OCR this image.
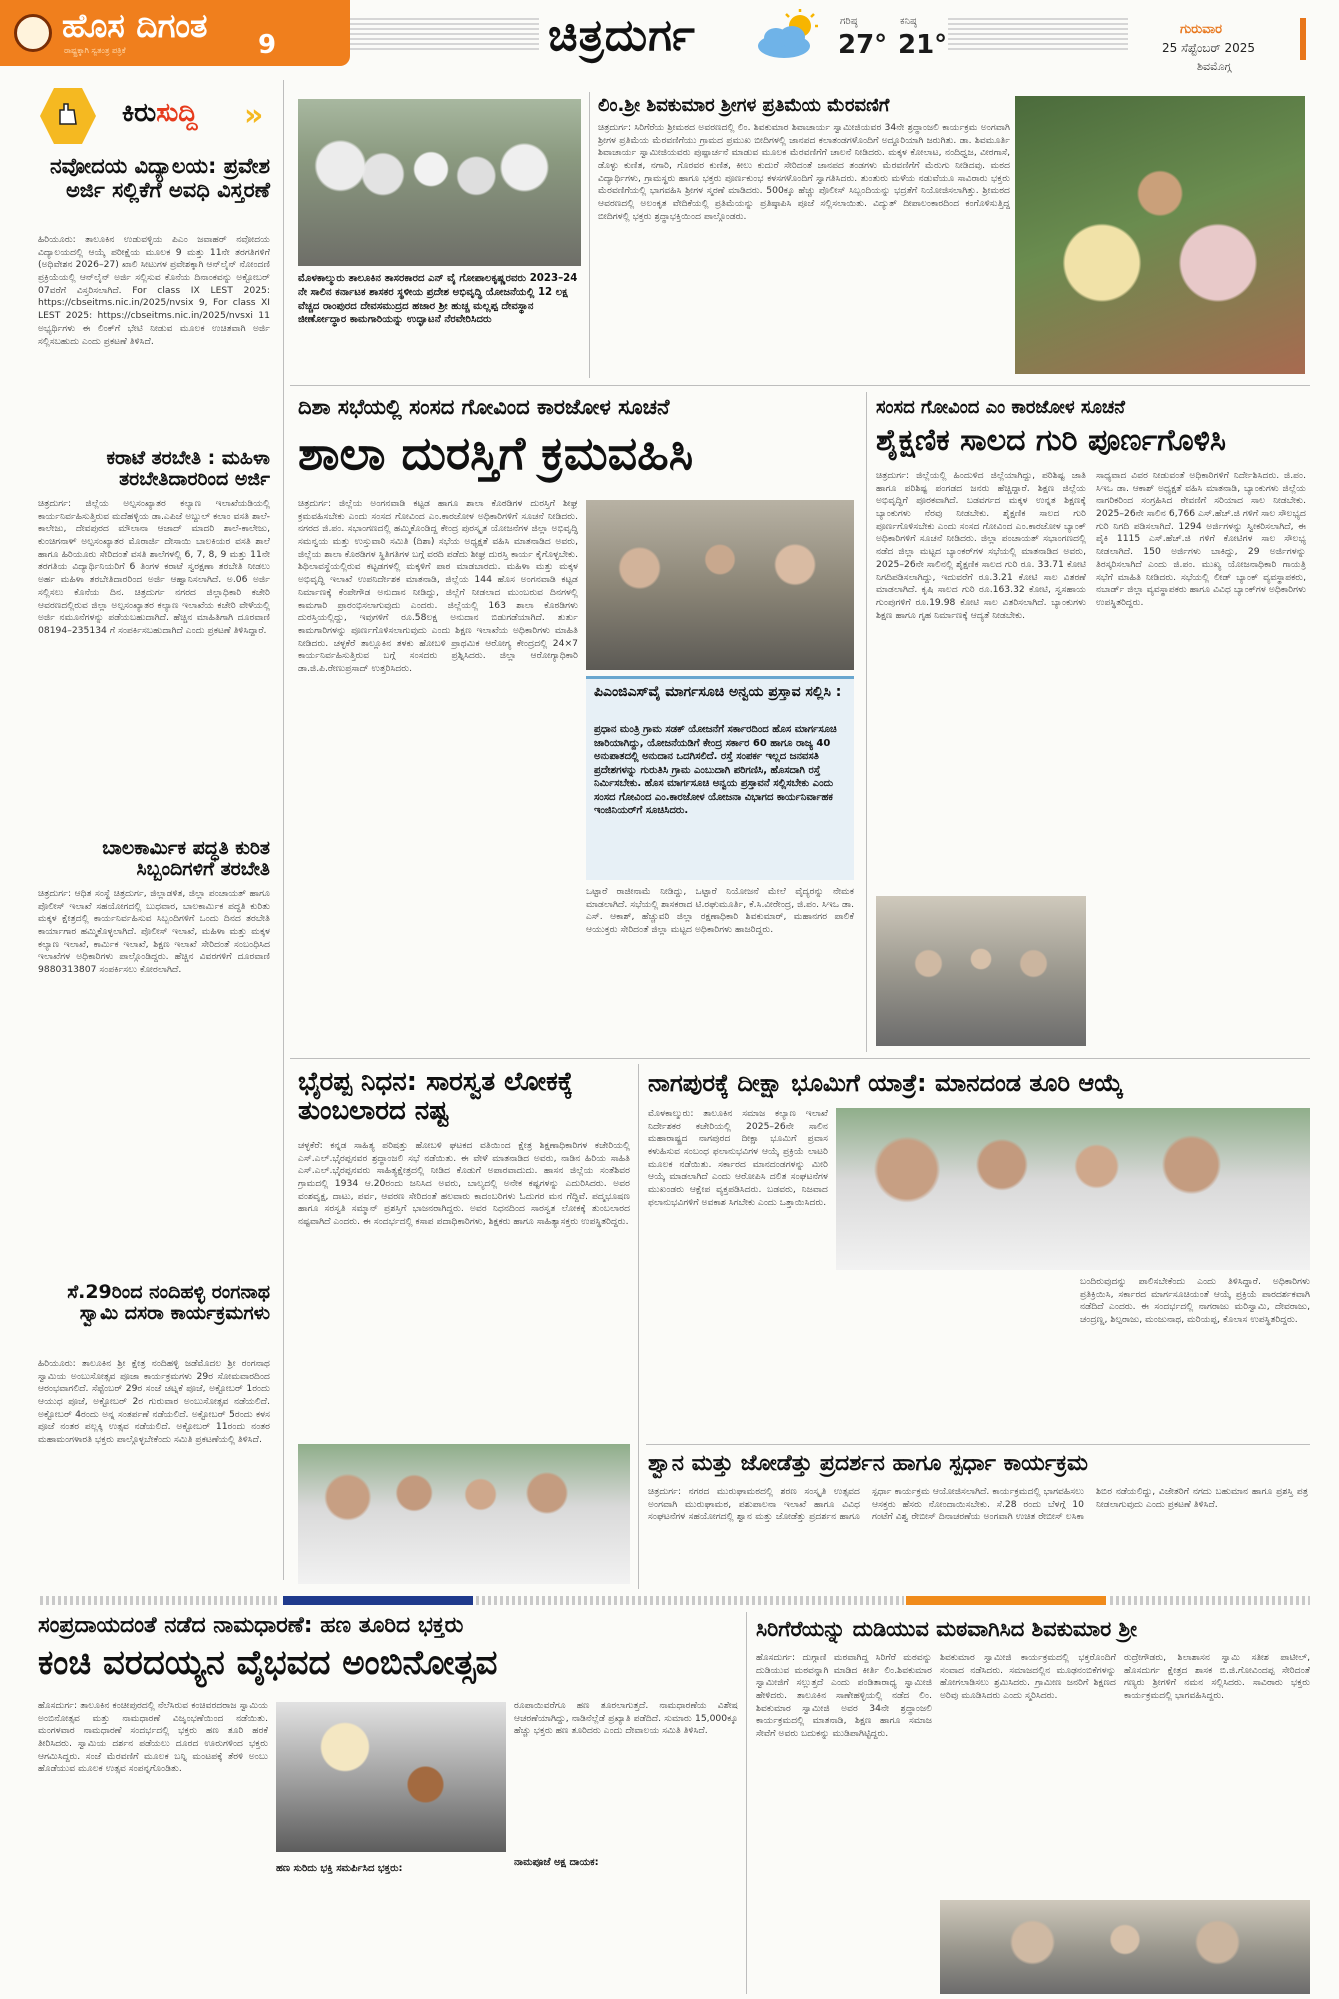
ಹೊಸ ದಿಗಂತ
ರಾಷ್ಟ್ರಕ್ಕಾಗಿ ಸ್ವತಂತ್ರ ಪತ್ರಿಕೆ	9	ಚಿತ್ರದುರ್ಗ	ಗರಿಷ್ಠ
27°
ಕನಿಷ್ಠ
21°
ಗುರುವಾರ
25 ಸೆಪ್ಟೆಂಬರ್ 2025
ಶಿವಮೊಗ್ಗ
ಕಿರುಸುದ್ದಿ »
ನವೋದಯ ವಿದ್ಯಾಲಯ: ಪ್ರವೇಶ ಅರ್ಜಿ ಸಲ್ಲಿಕೆಗೆ ಅವಧಿ ವಿಸ್ತರಣೆ
ಹಿರಿಯೂರು: ತಾಲೂಕಿನ ಉಡುವಳ್ಳಿಯ ಪಿಎಂ ಜವಾಹರ್ ನವೋದಯ ವಿದ್ಯಾಲಯದಲ್ಲಿ ಆಯ್ಕೆ ಪರೀಕ್ಷೆಯ ಮೂಲಕ 9 ಮತ್ತು 11ನೇ ತರಗತಿಗಳಿಗೆ (ಅಧಿವೇಶನ 2026–27) ಖಾಲಿ ಸೀಟುಗಳ ಪ್ರವೇಶಕ್ಕಾಗಿ ಆನ್‌ಲೈನ್ ನೋಂದಣಿ ಪ್ರಕ್ರಿಯೆಯಲ್ಲಿ ಆನ್‌ಲೈನ್ ಅರ್ಜಿ ಸಲ್ಲಿಸುವ ಕೊನೆಯ ದಿನಾಂಕವನ್ನು ಅಕ್ಟೋಬರ್ 07ವರೆಗೆ ವಿಸ್ತರಿಸಲಾಗಿದೆ. For class IX LEST 2025: https://cbseitms.nic.in/2025/nvsix 9, For class XI LEST 2025: https://cbseitms.nic.in/2025/nvsxi 11 ಅಭ್ಯರ್ಥಿಗಳು ಈ ಲಿಂಕ್‌ಗೆ ಭೇಟಿ ನೀಡುವ ಮೂಲಕ ಉಚಿತವಾಗಿ ಅರ್ಜಿ ಸಲ್ಲಿಸಬಹುದು ಎಂದು ಪ್ರಕಟಣೆ ತಿಳಿಸಿದೆ.
ಕರಾಟೆ ತರಬೇತಿ : ಮಹಿಳಾ ತರಬೇತಿದಾರರಿಂದ ಅರ್ಜಿ
ಚಿತ್ರದುರ್ಗ: ಜಿಲ್ಲೆಯ ಅಲ್ಪಸಂಖ್ಯಾತರ ಕಲ್ಯಾಣ ಇಲಾಖೆಯಡಿಯಲ್ಲಿ ಕಾರ್ಯನಿರ್ವಹಿಸುತ್ತಿರುವ ಮದೆಹಳ್ಳಿಯ ಡಾ.ಎಪಿಜೆ ಅಬ್ದುಲ್ ಕಲಾಂ ವಸತಿ ಶಾಲೆ-ಕಾಲೇಜು, ದೇವಪುರದ ಮೌಲಾನಾ ಆಜಾದ್ ಮಾದರಿ ಶಾಲೆ-ಕಾಲೇಜು, ಕುಂಚಿಗನಾಳ್ ಅಲ್ಪಸಂಖ್ಯಾತರ ಮೊರಾರ್ಜಿ ದೇಸಾಯಿ ಬಾಲಕಿಯರ ವಸತಿ ಶಾಲೆ ಹಾಗೂ ಹಿರಿಯೂರು ಸೇರಿದಂತೆ ವಸತಿ ಶಾಲೆಗಳಲ್ಲಿ 6, 7, 8, 9 ಮತ್ತು 11ನೇ ತರಗತಿಯ ವಿದ್ಯಾರ್ಥಿನಿಯರಿಗೆ 6 ತಿಂಗಳ ಕರಾಟೆ ಸ್ವರಕ್ಷಣಾ ತರಬೇತಿ ನೀಡಲು ಅರ್ಹ ಮಹಿಳಾ ತರಬೇತಿದಾರರಿಂದ ಅರ್ಜಿ ಆಹ್ವಾನಿಸಲಾಗಿದೆ. ಅ.06 ಅರ್ಜಿ ಸಲ್ಲಿಸಲು ಕೊನೆಯ ದಿನ. ಚಿತ್ರದುರ್ಗ ನಗರದ ಜಿಲ್ಲಾಧಿಕಾರಿ ಕಚೇರಿ ಆವರಣದಲ್ಲಿರುವ ಜಿಲ್ಲಾ ಅಲ್ಪಸಂಖ್ಯಾತರ ಕಲ್ಯಾಣ ಇಲಾಖೆಯ ಕಚೇರಿ ವೇಳೆಯಲ್ಲಿ ಅರ್ಜಿ ನಮೂನೆಗಳನ್ನು ಪಡೆಯಬಹುದಾಗಿದೆ. ಹೆಚ್ಚಿನ ಮಾಹಿತಿಗಾಗಿ ದೂರವಾಣಿ 08194–235134 ಗೆ ಸಂಪರ್ಕಿಸಬಹುದಾಗಿದೆ ಎಂದು ಪ್ರಕಟಣೆ ತಿಳಿಸಿದ್ದಾರೆ.
ಬಾಲಕಾರ್ಮಿಕ ಪದ್ಧತಿ ಕುರಿತ ಸಿಬ್ಬಂದಿಗಳಿಗೆ ತರಬೇತಿ
ಚಿತ್ರದುರ್ಗ: ಆಧಿತ ಸಂಸ್ಥೆ ಚಿತ್ರದುರ್ಗ, ಜಿಲ್ಲಾಡಳಿತ, ಜಿಲ್ಲಾ ಪಂಚಾಯತ್ ಹಾಗೂ ಪೊಲೀಸ್ ಇಲಾಖೆ ಸಹಯೋಗದಲ್ಲಿ ಬುಧವಾರ, ಬಾಲಕಾರ್ಮಿಕ ಪದ್ಧತಿ ಕುರಿತು ಮಕ್ಕಳ ಕ್ಷೇತ್ರದಲ್ಲಿ ಕಾರ್ಯನಿರ್ವಹಿಸುವ ಸಿಬ್ಬಂದಿಗಳಿಗೆ ಒಂದು ದಿನದ ತರಬೇತಿ ಕಾರ್ಯಾಗಾರ ಹಮ್ಮಿಕೊಳ್ಳಲಾಗಿದೆ. ಪೊಲೀಸ್ ಇಲಾಖೆ, ಮಹಿಳಾ ಮತ್ತು ಮಕ್ಕಳ ಕಲ್ಯಾಣ ಇಲಾಖೆ, ಕಾರ್ಮಿಕ ಇಲಾಖೆ, ಶಿಕ್ಷಣ ಇಲಾಖೆ ಸೇರಿದಂತೆ ಸಂಬಂಧಿಸಿದ ಇಲಾಖೆಗಳ ಅಧಿಕಾರಿಗಳು ಪಾಲ್ಗೊಂಡಿದ್ದರು. ಹೆಚ್ಚಿನ ವಿವರಗಳಿಗೆ ದೂರವಾಣಿ 9880313807 ಸಂಪರ್ಕಿಸಲು ಕೋರಲಾಗಿದೆ.
ಸೆ.29ರಿಂದ ನಂದಿಹಳ್ಳಿ ರಂಗನಾಥ ಸ್ವಾಮಿ ದಸರಾ ಕಾರ್ಯಕ್ರಮಗಳು
ಹಿರಿಯೂರು: ತಾಲೂಕಿನ ಶ್ರೀ ಕ್ಷೇತ್ರ ನಂದಿಹಳ್ಳಿ ಜಡೆಮೊದಲ ಶ್ರೀ ರಂಗನಾಥ ಸ್ವಾಮಿಯ ಅಂಬುಸೋತ್ಸವ ಪೂಜಾ ಕಾರ್ಯಕ್ರಮಗಳು 29ರ ಸೋಮವಾರದಿಂದ ಆರಂಭವಾಗಲಿದೆ. ಸೆಪ್ಟೆಂಬರ್ 29ರ ಸಂಜೆ ಚಟ್ನಕೆ ಪೂಜೆ, ಅಕ್ಟೋಬರ್ 1ರಂದು ಆಯುಧ ಪೂಜೆ, ಅಕ್ಟೋಬರ್ 2ರ ಗುರುವಾರ ಅಂಬುಸೋತ್ಸವ ನಡೆಯಲಿದೆ. ಅಕ್ಟೋಬರ್ 4ರಂದು ಅನ್ನ ಸಂತರ್ಪಣೆ ನಡೆಯಲಿದೆ. ಅಕ್ಟೋಬರ್ 5ರಂದು ಕಳಸ ಪೂಜೆ ನಂತರ ಪಲ್ಲಕ್ಕಿ ಉತ್ಸವ ನಡೆಯಲಿದೆ. ಅಕ್ಟೋಬರ್ 11ರಂದು ನಂತರ ಮಹಾಮಂಗಳಾರತಿ ಭಕ್ತರು ಪಾಲ್ಗೊಳ್ಳಬೇಕೆಂದು ಸಮಿತಿ ಪ್ರಕಟಣೆಯಲ್ಲಿ ತಿಳಿಸಿದೆ.
ಮೊಳಕಾಲ್ಮುರು ತಾಲೂಕಿನ ತಾಸರಕಾರದ ಎನ್ ವೈ ಗೋಪಾಲಕೃಷ್ಣರವರು 2023–24 ನೇ ಸಾಲಿನ ಕರ್ನಾಟಕ ಶಾಸಕರ ಸ್ಥಳೀಯ ಪ್ರದೇಶ ಅಭಿವೃದ್ಧಿ ಯೋಜನೆಯಲ್ಲಿ 12 ಲಕ್ಷ ವೆಚ್ಚದ ರಾಂಪುರದ ದೇವಸಮುದ್ರದ ಹಜಾರ ಶ್ರೀ ಹುಚ್ಚ ಮಲ್ಲಪ್ಪ ದೇವಸ್ಥಾನ ಜೀರ್ಣೋದ್ಧಾರ ಕಾಮಗಾರಿಯನ್ನು ಉದ್ಘಾಟನೆ ನೆರವೇರಿಸಿದರು
ಲಿಂ.ಶ್ರೀ ಶಿವಕುಮಾರ ಶ್ರೀಗಳ ಪ್ರತಿಮೆಯ ಮೆರವಣಿಗೆ
ಚಿತ್ರದುರ್ಗ: ಸಿರಿಗೆರೆಯ ಶ್ರೀಮಠದ ಅವರಣದಲ್ಲಿ ಲಿಂ. ಶಿವಕುಮಾರ ಶಿವಾಚಾರ್ಯ ಸ್ವಾಮೀಜಿಯವರ 34ನೇ ಶ್ರದ್ಧಾಂಜಲಿ ಕಾರ್ಯಕ್ರಮ ಅಂಗವಾಗಿ ಶ್ರೀಗಳ ಪ್ರತಿಮೆಯ ಮೆರವಣಿಗೆಯು ಗ್ರಾಮದ ಪ್ರಮುಖ ಬೀದಿಗಳಲ್ಲಿ ಜಾನಪದ ಕಲಾತಂಡಗಳೊಂದಿಗೆ ಅದ್ದೂರಿಯಾಗಿ ಜರುಗಿತು. ಡಾ. ಶಿವಮೂರ್ತಿ ಶಿವಾಚಾರ್ಯ ಸ್ವಾಮೀಜಿಯವರು ಪುಷ್ಪಾರ್ಚನೆ ಮಾಡುವ ಮೂಲಕ ಮೆರವಣಿಗೆಗೆ ಚಾಲನೆ ನೀಡಿದರು. ಮಕ್ಕಳ ಕೋಲಾಟ, ನಂದಿಧ್ವಜ, ವೀರಗಾಸೆ, ಡೊಳ್ಳು ಕುಣಿತ, ನಗಾರಿ, ಗೊರವರ ಕುಣಿತ, ಕೀಲು ಕುದುರೆ ಸೇರಿದಂತೆ ಜಾನಪದ ತಂಡಗಳು ಮೆರವಣಿಗೆಗೆ ಮೆರುಗು ನೀಡಿದವು. ಮಠದ ವಿದ್ಯಾರ್ಥಿಗಳು, ಗ್ರಾಮಸ್ಥರು ಹಾಗೂ ಭಕ್ತರು ಪೂರ್ಣಕುಂಭ ಕಳಸಗಳೊಂದಿಗೆ ಸ್ವಾಗತಿಸಿದರು. ತುಂತುರು ಮಳೆಯ ನಡುವೆಯೂ ಸಾವಿರಾರು ಭಕ್ತರು ಮೆರವಣಿಗೆಯಲ್ಲಿ ಭಾಗವಹಿಸಿ ಶ್ರೀಗಳ ಸ್ಮರಣೆ ಮಾಡಿದರು. 500ಕ್ಕೂ ಹೆಚ್ಚು ಪೊಲೀಸ್ ಸಿಬ್ಬಂದಿಯನ್ನು ಭದ್ರತೆಗೆ ನಿಯೋಜಿಸಲಾಗಿತ್ತು. ಶ್ರೀಮಠದ ಆವರಣದಲ್ಲಿ ಅಲಂಕೃತ ವೇದಿಕೆಯಲ್ಲಿ ಪ್ರತಿಮೆಯನ್ನು ಪ್ರತಿಷ್ಠಾಪಿಸಿ ಪೂಜೆ ಸಲ್ಲಿಸಲಾಯಿತು. ವಿದ್ಯುತ್ ದೀಪಾಲಂಕಾರದಿಂದ ಕಂಗೊಳಿಸುತ್ತಿದ್ದ ಬೀದಿಗಳಲ್ಲಿ ಭಕ್ತರು ಶ್ರದ್ಧಾಭಕ್ತಿಯಿಂದ ಪಾಲ್ಗೊಂಡರು.
ದಿಶಾ ಸಭೆಯಲ್ಲಿ ಸಂಸದ ಗೋವಿಂದ ಕಾರಜೋಳ ಸೂಚನೆ
ಶಾಲಾ ದುರಸ್ತಿಗೆ ಕ್ರಮವಹಿಸಿ
ಚಿತ್ರದುರ್ಗ: ಜಿಲ್ಲೆಯ ಅಂಗನವಾಡಿ ಕಟ್ಟಡ ಹಾಗೂ ಶಾಲಾ ಕೊಠಡಿಗಳ ದುರಸ್ತಿಗೆ ಶೀಘ್ರ ಕ್ರಮವಹಿಸಬೇಕು ಎಂದು ಸಂಸದ ಗೋವಿಂದ ಎಂ.ಕಾರಜೋಳ ಅಧಿಕಾರಿಗಳಿಗೆ ಸೂಚನೆ ನೀಡಿದರು. ನಗರದ ಜಿ.ಪಂ. ಸಭಾಂಗಣದಲ್ಲಿ ಹಮ್ಮಿಕೊಂಡಿದ್ದ ಕೇಂದ್ರ ಪುರಸ್ಕೃತ ಯೋಜನೆಗಳ ಜಿಲ್ಲಾ ಅಭಿವೃದ್ಧಿ ಸಮನ್ವಯ ಮತ್ತು ಉಸ್ತುವಾರಿ ಸಮಿತಿ (ದಿಶಾ) ಸಭೆಯ ಅಧ್ಯಕ್ಷತೆ ವಹಿಸಿ ಮಾತನಾಡಿದ ಅವರು, ಜಿಲ್ಲೆಯ ಶಾಲಾ ಕೊಠಡಿಗಳ ಸ್ಥಿತಿಗತಿಗಳ ಬಗ್ಗೆ ವರದಿ ಪಡೆದು ಶೀಘ್ರ ದುರಸ್ತಿ ಕಾರ್ಯ ಕೈಗೊಳ್ಳಬೇಕು. ಶಿಥಿಲಾವಸ್ಥೆಯಲ್ಲಿರುವ ಕಟ್ಟಡಗಳಲ್ಲಿ ಮಕ್ಕಳಿಗೆ ಪಾಠ ಮಾಡಬಾರದು. ಮಹಿಳಾ ಮತ್ತು ಮಕ್ಕಳ ಅಭಿವೃದ್ಧಿ ಇಲಾಖೆ ಉಪನಿರ್ದೇಶಕ ಮಾತನಾಡಿ, ಜಿಲ್ಲೆಯ 144 ಹೊಸ ಅಂಗನವಾಡಿ ಕಟ್ಟಡ ನಿರ್ಮಾಣಕ್ಕೆ ಕೆಂಪೇಗೌಡ ಅನುದಾನ ನೀಡಿದ್ದು, ಜಿಲ್ಲೆಗೆ ನೀಡಲಾದ ಮುಂಬರುವ ದಿನಗಳಲ್ಲಿ ಕಾಮಗಾರಿ ಪ್ರಾರಂಭಿಸಲಾಗುವುದು ಎಂದರು. ಜಿಲ್ಲೆಯಲ್ಲಿ 163 ಶಾಲಾ ಕೊಠಡಿಗಳು ದುರಸ್ತಿಯಲ್ಲಿದ್ದು, ಇವುಗಳಿಗೆ ರೂ.58ಲಕ್ಷ ಅನುದಾನ ಬಿಡುಗಡೆಯಾಗಿದೆ. ತುರ್ತು ಕಾಮಗಾರಿಗಳನ್ನು ಪೂರ್ಣಗೊಳಿಸಲಾಗುವುದು ಎಂದು ಶಿಕ್ಷಣ ಇಲಾಖೆಯ ಅಧಿಕಾರಿಗಳು ಮಾಹಿತಿ ನೀಡಿದರು. ಚಳ್ಳಕೆರೆ ತಾಲ್ಲೂಕಿನ ತಳಕು ಹೋಬಳಿ ಪ್ರಾಥಮಿಕ ಆರೋಗ್ಯ ಕೇಂದ್ರದಲ್ಲಿ 24×7 ಕಾರ್ಯನಿರ್ವಹಿಸುತ್ತಿರುವ ಬಗ್ಗೆ ಸಂಸದರು ಪ್ರಶ್ನಿಸಿದರು. ಜಿಲ್ಲಾ ಆರೋಗ್ಯಾಧಿಕಾರಿ ಡಾ.ಜಿ.ಪಿ.ರೇಣುಪ್ರಸಾದ್ ಉತ್ತರಿಸಿದರು.
ಪಿಎಂಜಿಎಸ್‌ವೈ ಮಾರ್ಗಸೂಚಿ ಅನ್ವಯ ಪ್ರಸ್ತಾವ ಸಲ್ಲಿಸಿ :
ಪ್ರಧಾನ ಮಂತ್ರಿ ಗ್ರಾಮ ಸಡಕ್ ಯೋಜನೆಗೆ ಸರ್ಕಾರದಿಂದ ಹೊಸ ಮಾರ್ಗಸೂಚಿ ಜಾರಿಯಾಗಿದ್ದು, ಯೋಜನೆಯಡಿಗೆ ಕೇಂದ್ರ ಸರ್ಕಾರ 60 ಹಾಗೂ ರಾಜ್ಯ 40 ಅನುಪಾತದಲ್ಲಿ ಅನುದಾನ ಒದಗಿಸಲಿದೆ. ರಸ್ತೆ ಸಂಪರ್ಕ ಇಲ್ಲದ ಜನವಸತಿ ಪ್ರದೇಶಗಳನ್ನು ಗುರುತಿಸಿ ಗ್ರಾಮ ಎಂಬುದಾಗಿ ಪರಿಗಣಿಸಿ, ಹೊಸದಾಗಿ ರಸ್ತೆ ನಿರ್ಮಿಸಬೇಕು. ಹೊಸ ಮಾರ್ಗಸೂಚಿ ಅನ್ವಯ ಪ್ರಸ್ತಾವನೆ ಸಲ್ಲಿಸಬೇಕು ಎಂದು ಸಂಸದ ಗೋವಿಂದ ಎಂ.ಕಾರಜೋಳ ಯೋಜನಾ ವಿಭಾಗದ ಕಾರ್ಯನಿರ್ವಾಹಕ ಇಂಜಿನಿಯರ್‌ಗೆ ಸೂಚಿಸಿದರು.
ಒಟ್ಟಾರೆ ರಾಜೀನಾಮೆ ನೀಡಿದ್ದು, ಒಟ್ಟಾರೆ ನಿಯೋಜನೆ ಮೇಲೆ ವೈದ್ಯರನ್ನು ನೇಮಕ ಮಾಡಲಾಗಿದೆ. ಸಭೆಯಲ್ಲಿ ಶಾಸಕರಾದ ಟಿ.ರಘುಮೂರ್ತಿ, ಕೆ.ಸಿ.ವೀರೇಂದ್ರ, ಜಿ.ಪಂ. ಸಿಇಒ ಡಾ. ಎಸ್. ಆಕಾಶ್, ಹೆಚ್ಚುವರಿ ಜಿಲ್ಲಾ ರಕ್ಷಣಾಧಿಕಾರಿ ಶಿವಕುಮಾರ್, ಮಹಾನಗರ ಪಾಲಿಕೆ ಆಯುಕ್ತರು ಸೇರಿದಂತೆ ಜಿಲ್ಲಾ ಮಟ್ಟದ ಅಧಿಕಾರಿಗಳು ಹಾಜರಿದ್ದರು.
ಸಂಸದ ಗೋವಿಂದ ಎಂ ಕಾರಜೋಳ ಸೂಚನೆ
ಶೈಕ್ಷಣಿಕ ಸಾಲದ ಗುರಿ ಪೂರ್ಣಗೊಳಿಸಿ
ಚಿತ್ರದುರ್ಗ: ಜಿಲ್ಲೆಯಲ್ಲಿ ಹಿಂದುಳಿದ ಜಿಲ್ಲೆಯಾಗಿದ್ದು, ಪರಿಶಿಷ್ಟ ಜಾತಿ ಹಾಗೂ ಪರಿಶಿಷ್ಟ ಪಂಗಡದ ಜನರು ಹೆಚ್ಚಿದ್ದಾರೆ. ಶಿಕ್ಷಣ ಜಿಲ್ಲೆಯ ಅಭಿವೃದ್ಧಿಗೆ ಪೂರಕವಾಗಿದೆ. ಬಡವರ್ಗದ ಮಕ್ಕಳ ಉನ್ನತ ಶಿಕ್ಷಣಕ್ಕೆ ಬ್ಯಾಂಕುಗಳು ನೆರವು ನೀಡಬೇಕು. ಶೈಕ್ಷಣಿಕ ಸಾಲದ ಗುರಿ ಪೂರ್ಣಗೊಳಿಸಬೇಕು ಎಂದು ಸಂಸದ ಗೋವಿಂದ ಎಂ.ಕಾರಜೋಳ ಬ್ಯಾಂಕ್ ಅಧಿಕಾರಿಗಳಿಗೆ ಸೂಚನೆ ನೀಡಿದರು. ಜಿಲ್ಲಾ ಪಂಚಾಯತ್ ಸಭಾಂಗಣದಲ್ಲಿ ನಡೆದ ಜಿಲ್ಲಾ ಮಟ್ಟದ ಬ್ಯಾಂಕರ್‌ಗಳ ಸಭೆಯಲ್ಲಿ ಮಾತನಾಡಿದ ಅವರು, 2025–26ನೇ ಸಾಲಿನಲ್ಲಿ ಶೈಕ್ಷಣಿಕ ಸಾಲದ ಗುರಿ ರೂ. 33.71 ಕೋಟಿ ನಿಗದಿಪಡಿಸಲಾಗಿದ್ದು, ಇದುವರೆಗೆ ರೂ.3.21 ಕೋಟಿ ಸಾಲ ವಿತರಣೆ ಮಾಡಲಾಗಿದೆ. ಕೃಷಿ ಸಾಲದ ಗುರಿ ರೂ.163.32 ಕೋಟಿ, ಸ್ವಸಹಾಯ ಗುಂಪುಗಳಿಗೆ ರೂ.19.98 ಕೋಟಿ ಸಾಲ ವಿತರಿಸಲಾಗಿದೆ. ಬ್ಯಾಂಕುಗಳು ಶಿಕ್ಷಣ ಹಾಗೂ ಗೃಹ ನಿರ್ಮಾಣಕ್ಕೆ ಆದ್ಯತೆ ನೀಡಬೇಕು.
ಸಾಧ್ಯವಾದ ವಿವರ ನೀಡುವಂತೆ ಅಧಿಕಾರಿಗಳಿಗೆ ನಿರ್ದೇಶಿಸಿದರು. ಜಿ.ಪಂ. ಸಿಇಒ ಡಾ. ಆಕಾಶ್ ಅಧ್ಯಕ್ಷತೆ ವಹಿಸಿ ಮಾತನಾಡಿ, ಬ್ಯಾಂಕುಗಳು ಜಿಲ್ಲೆಯ ನಾಗರಿಕರಿಂದ ಸಂಗ್ರಹಿಸಿದ ಠೇವಣಿಗೆ ಸರಿಯಾದ ಸಾಲ ನೀಡಬೇಕು. 2025–26ನೇ ಸಾಲಿನ 6,766 ಎಸ್.ಹೆಚ್.ಜಿ ಗಳಿಗೆ ಸಾಲ ಸೌಲಭ್ಯದ ಗುರಿ ನಿಗದಿ ಪಡಿಸಲಾಗಿದೆ. 1294 ಅರ್ಜಿಗಳನ್ನು ಸ್ವೀಕರಿಸಲಾಗಿದೆ, ಈ ಪೈಕಿ 1115 ಎಸ್.ಹೆಚ್.ಜಿ ಗಳಿಗೆ ಕೋಟಿಗಳ ಸಾಲ ಸೌಲಭ್ಯ ನೀಡಲಾಗಿದೆ. 150 ಅರ್ಜಿಗಳು ಬಾಕಿದ್ದು, 29 ಅರ್ಜಿಗಳನ್ನು ತಿರಸ್ಕರಿಸಲಾಗಿದೆ ಎಂದು ಜಿ.ಪಂ. ಮುಖ್ಯ ಯೋಜನಾಧಿಕಾರಿ ಗಾಯತ್ರಿ ಸಭೆಗೆ ಮಾಹಿತಿ ನೀಡಿದರು. ಸಭೆಯಲ್ಲಿ ಲೀಡ್ ಬ್ಯಾಂಕ್ ವ್ಯವಸ್ಥಾಪಕರು, ನಬಾರ್ಡ್ ಜಿಲ್ಲಾ ವ್ಯವಸ್ಥಾಪಕರು ಹಾಗೂ ವಿವಿಧ ಬ್ಯಾಂಕ್‌ಗಳ ಅಧಿಕಾರಿಗಳು ಉಪಸ್ಥಿತರಿದ್ದರು.
ಭೈರಪ್ಪ ನಿಧನ: ಸಾರಸ್ವತ ಲೋಕಕ್ಕೆ ತುಂಬಲಾರದ ನಷ್ಟ
ಚಳ್ಳಕೆರೆ: ಕನ್ನಡ ಸಾಹಿತ್ಯ ಪರಿಷತ್ತು ಹೋಬಳಿ ಘಟಕದ ವತಿಯಿಂದ ಕ್ಷೇತ್ರ ಶಿಕ್ಷಣಾಧಿಕಾರಿಗಳ ಕಚೇರಿಯಲ್ಲಿ ಎಸ್.ಎಲ್.ಭೈರಪ್ಪನವರ ಶ್ರದ್ಧಾಂಜಲಿ ಸಭೆ ನಡೆಯಿತು. ಈ ವೇಳೆ ಮಾತನಾಡಿದ ಅವರು, ನಾಡಿನ ಹಿರಿಯ ಸಾಹಿತಿ ಎಸ್.ಎಲ್.ಭೈರಪ್ಪನವರು ಸಾಹಿತ್ಯಕ್ಷೇತ್ರದಲ್ಲಿ ನೀಡಿದ ಕೊಡುಗೆ ಅಪಾರವಾದುದು. ಹಾಸನ ಜಿಲ್ಲೆಯ ಸಂತೆಶಿವರ ಗ್ರಾಮದಲ್ಲಿ 1934 ಆ.20ರಂದು ಜನಿಸಿದ ಅವರು, ಬಾಲ್ಯದಲ್ಲಿ ಅನೇಕ ಕಷ್ಟಗಳನ್ನು ಎದುರಿಸಿದರು. ಅವರ ವಂಶವೃಕ್ಷ, ದಾಟು, ಪರ್ವ, ಆವರಣ ಸೇರಿದಂತೆ ಹಲವಾರು ಕಾದಂಬರಿಗಳು ಓದುಗರ ಮನ ಗೆದ್ದಿವೆ. ಪದ್ಮಭೂಷಣ ಹಾಗೂ ಸರಸ್ವತಿ ಸಮ್ಮಾನ್ ಪ್ರಶಸ್ತಿಗೆ ಭಾಜನರಾಗಿದ್ದರು. ಅವರ ನಿಧನದಿಂದ ಸಾರಸ್ವತ ಲೋಕಕ್ಕೆ ತುಂಬಲಾರದ ನಷ್ಟವಾಗಿದೆ ಎಂದರು. ಈ ಸಂದರ್ಭದಲ್ಲಿ ಕಸಾಪ ಪದಾಧಿಕಾರಿಗಳು, ಶಿಕ್ಷಕರು ಹಾಗೂ ಸಾಹಿತ್ಯಾಸಕ್ತರು ಉಪಸ್ಥಿತರಿದ್ದರು.
ನಾಗಪುರಕ್ಕೆ ದೀಕ್ಷಾ ಭೂಮಿಗೆ ಯಾತ್ರೆ: ಮಾನದಂಡ ತೂರಿ ಆಯ್ಕೆ
ಮೊಳಕಾಲ್ಮುರು: ತಾಲೂಕಿನ ಸಮಾಜ ಕಲ್ಯಾಣ ಇಲಾಖೆ ನಿರ್ದೇಶಕರ ಕಚೇರಿಯಲ್ಲಿ 2025–26ನೇ ಸಾಲಿನ ಮಹಾರಾಷ್ಟ್ರದ ನಾಗಪುರದ ದೀಕ್ಷಾ ಭೂಮಿಗೆ ಪ್ರವಾಸ ಕಳುಹಿಸುವ ಸಂಬಂಧ ಫಲಾನುಭವಿಗಳ ಆಯ್ಕೆ ಪ್ರಕ್ರಿಯೆ ಲಾಟರಿ ಮೂಲಕ ನಡೆಯಿತು. ಸರ್ಕಾರದ ಮಾನದಂಡಗಳನ್ನು ಮೀರಿ ಆಯ್ಕೆ ಮಾಡಲಾಗಿದೆ ಎಂದು ಆರೋಪಿಸಿ ದಲಿತ ಸಂಘಟನೆಗಳ ಮುಖಂಡರು ಆಕ್ಷೇಪ ವ್ಯಕ್ತಪಡಿಸಿದರು. ಬಡವರು, ನಿಜವಾದ ಫಲಾನುಭವಿಗಳಿಗೆ ಅವಕಾಶ ಸಿಗಬೇಕು ಎಂದು ಒತ್ತಾಯಿಸಿದರು.
ಬಂದಿರುವುದನ್ನು ಪಾಲಿಸಬೇಕೆಂದು ಎಂದು ತಿಳಿಸಿದ್ದಾರೆ. ಅಧಿಕಾರಿಗಳು ಪ್ರತಿಕ್ರಿಯಿಸಿ, ಸರ್ಕಾರದ ಮಾರ್ಗಸೂಚಿಯಂತೆ ಆಯ್ಕೆ ಪ್ರಕ್ರಿಯೆ ಪಾರದರ್ಶಕವಾಗಿ ನಡೆದಿದೆ ಎಂದರು. ಈ ಸಂದರ್ಭದಲ್ಲಿ ನಾಗರಾಜು ಮರಿಸ್ವಾಮಿ, ದೇವರಾಜು, ಚಂದ್ರಣ್ಣ, ಶಿಲ್ಪರಾಜು, ಮಂಜುನಾಥ, ಮರಿಯಪ್ಪ, ಕೊಲಾಸ ಉಪಸ್ಥಿತರಿದ್ದರು.
ಶ್ವಾನ ಮತ್ತು ಜೋಡೆತ್ತು ಪ್ರದರ್ಶನ ಹಾಗೂ ಸ್ಪರ್ಧಾ ಕಾರ್ಯಕ್ರಮ
ಚಿತ್ರದುರ್ಗ: ನಗರದ ಮುರುಘಾಮಠದಲ್ಲಿ ಶರಣ ಸಂಸ್ಕೃತಿ ಉತ್ಸವದ ಅಂಗವಾಗಿ ಮುರುಘಾಮಠ, ಪಶುಪಾಲನಾ ಇಲಾಖೆ ಹಾಗೂ ವಿವಿಧ ಸಂಘಟನೆಗಳ ಸಹಯೋಗದಲ್ಲಿ ಶ್ವಾನ ಮತ್ತು ಜೋಡೆತ್ತು ಪ್ರದರ್ಶನ ಹಾಗೂ ಸ್ಪರ್ಧಾ ಕಾರ್ಯಕ್ರಮ ಆಯೋಜಿಸಲಾಗಿದೆ. ಕಾರ್ಯಕ್ರಮದಲ್ಲಿ ಭಾಗವಹಿಸಲು ಆಸಕ್ತರು ಹೆಸರು ನೋಂದಾಯಿಸಬೇಕು. ಸೆ.28 ರಂದು ಬೆಳಗ್ಗೆ 10 ಗಂಟೆಗೆ ವಿಶ್ವ ರೇಬೀಸ್ ದಿನಾಚರಣೆಯ ಅಂಗವಾಗಿ ಉಚಿತ ರೇಬೀಸ್ ಲಸಿಕಾ ಶಿಬಿರ ನಡೆಯಲಿದ್ದು, ವಿಜೇತರಿಗೆ ನಗದು ಬಹುಮಾನ ಹಾಗೂ ಪ್ರಶಸ್ತಿ ಪತ್ರ ನೀಡಲಾಗುವುದು ಎಂದು ಪ್ರಕಟಣೆ ತಿಳಿಸಿದೆ.
ಸಂಪ್ರದಾಯದಂತೆ ನಡೆದ ನಾಮಧಾರಣೆ: ಹಣ ತೂರಿದ ಭಕ್ತರು
ಕಂಚಿ ವರದಯ್ಯನ ವೈಭವದ ಅಂಬಿನೋತ್ಸವ
ಹೊಸದುರ್ಗ: ತಾಲೂಕಿನ ಕಂಚೀಪುರದಲ್ಲಿ ನೆಲೆಸಿರುವ ಕಂಚಿವರದರಾಜ ಸ್ವಾಮಿಯ ಅಂಬಿನೋತ್ಸವ ಮತ್ತು ನಾಮಧಾರಣೆ ವಿಜೃಂಭಣೆಯಿಂದ ನಡೆಯಿತು. ಮಂಗಳವಾರ ನಾಮಧಾರಣೆ ಸಂದರ್ಭದಲ್ಲಿ ಭಕ್ತರು ಹಣ ತೂರಿ ಹರಕೆ ತೀರಿಸಿದರು. ಸ್ವಾಮಿಯ ದರ್ಶನ ಪಡೆಯಲು ದೂರದ ಊರುಗಳಿಂದ ಭಕ್ತರು ಆಗಮಿಸಿದ್ದರು. ಸಂಜೆ ಮೆರವಣಿಗೆ ಮೂಲಕ ಬನ್ನಿ ಮಂಟಪಕ್ಕೆ ತೆರಳಿ ಅಂಬು ಹೊಡೆಯುವ ಮೂಲಕ ಉತ್ಸವ ಸಂಪನ್ನಗೊಂಡಿತು.
ಹಣ ಸುರಿದು ಭಕ್ತಿ ಸಮರ್ಪಿಸಿದ ಭಕ್ತರು:
ರೂಪಾಯಿವರೆಗೂ ಹಣ ತೂರಲಾಗುತ್ತದೆ. ನಾಮಧಾರಣೆಯ ವಿಶೇಷ ಆಚರಣೆಯಾಗಿದ್ದು, ನಾಡಿನೆಲ್ಲೆಡೆ ಪ್ರಖ್ಯಾತಿ ಪಡೆದಿದೆ. ಸುಮಾರು 15,000ಕ್ಕೂ ಹೆಚ್ಚು ಭಕ್ತರು ಹಣ ತೂರಿದರು ಎಂದು ದೇವಾಲಯ ಸಮಿತಿ ತಿಳಿಸಿದೆ.
ನಾಮಪೂಜೆ ಅಕ್ಷ ದಾಯಕ:
ಸಿರಿಗೆರೆಯನ್ನು ದುಡಿಯುವ ಮಠವಾಗಿಸಿದ ಶಿವಕುಮಾರ ಶ್ರೀ
ಹೊಸದುರ್ಗ: ದುಗ್ಗಾಣಿ ಮಠವಾಗಿದ್ದ ಸಿರಿಗೆರೆ ಮಠವನ್ನು ದುಡಿಯುವ ಮಠವನ್ನಾಗಿ ಮಾಡಿದ ಕೀರ್ತಿ ಲಿಂ.ಶಿವಕುಮಾರ ಸ್ವಾಮೀಜಿಗೆ ಸಲ್ಲುತ್ತದೆ ಎಂದು ಪಂಡಿತಾರಾಧ್ಯ ಸ್ವಾಮೀಜಿ ಹೇಳಿದರು. ತಾಲೂಕಿನ ಸಾಣೇಹಳ್ಳಿಯಲ್ಲಿ ನಡೆದ ಲಿಂ. ಶಿವಕುಮಾರ ಸ್ವಾಮೀಜಿ ಅವರ 34ನೇ ಶ್ರದ್ಧಾಂಜಲಿ ಕಾರ್ಯಕ್ರಮದಲ್ಲಿ ಮಾತನಾಡಿ, ಶಿಕ್ಷಣ ಹಾಗೂ ಸಮಾಜ ಸೇವೆಗೆ ಅವರು ಬದುಕನ್ನು ಮುಡಿಪಾಗಿಟ್ಟಿದ್ದರು.
ಶಿವಕುಮಾರ ಸ್ವಾಮೀಜಿ ಕಾರ್ಯಕ್ರಮದಲ್ಲಿ ಭಕ್ತರೊಂದಿಗೆ ಸಂವಾದ ನಡೆಸಿದರು. ಸಮಾಜದಲ್ಲಿನ ಮೂಢನಂಬಿಕೆಗಳನ್ನು ಹೋಗಲಾಡಿಸಲು ಶ್ರಮಿಸಿದರು. ಗ್ರಾಮೀಣ ಜನರಿಗೆ ಶಿಕ್ಷಣದ ಅರಿವು ಮೂಡಿಸಿದರು ಎಂದು ಸ್ಮರಿಸಿದರು.
ರುದ್ರೇಗೌಡರು, ಶಿಲಾಶಾಸನ ಸ್ವಾಮಿ ಸತೀಶ ಪಾಟೀಲ್, ಹೊಸದುರ್ಗ ಕ್ಷೇತ್ರದ ಶಾಸಕ ಬಿ.ಜಿ.ಗೋವಿಂದಪ್ಪ ಸೇರಿದಂತೆ ಗಣ್ಯರು ಶ್ರೀಗಳಿಗೆ ನಮನ ಸಲ್ಲಿಸಿದರು. ಸಾವಿರಾರು ಭಕ್ತರು ಕಾರ್ಯಕ್ರಮದಲ್ಲಿ ಭಾಗವಹಿಸಿದ್ದರು.
